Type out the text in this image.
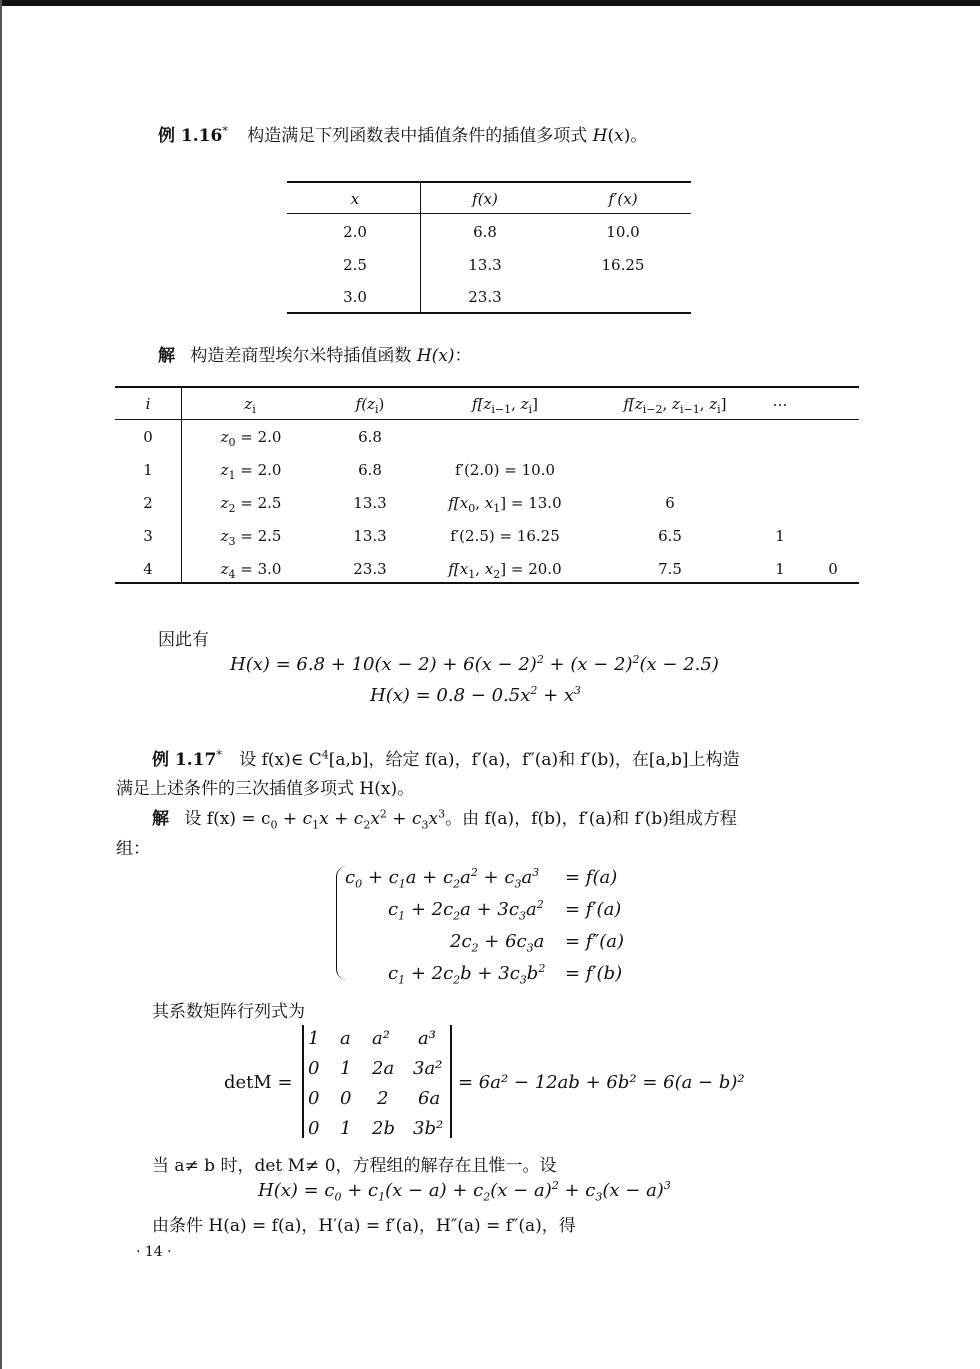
例 1.16* 构造满足下列函数表中插值条件的插值多项式 H(x)。
x	f(x)	f′(x)
2.0	6.8	10.0
2.5	13.3	16.25
3.0	23.3
解 构造差商型埃尔米特插值函数 H(x)：
i	$z_i$	$f(z_i)$	$f[z_{i-1}$, $z_i$]	$f[z_{i-2}$, $z_{i-1}$, $z_i$]	…
0	$z_0 = 2.0$	6.8
1	$z_1 = 2.0$	6.8	f′(2.0) = 10.0
2	$z_2 = 2.5$	13.3	$f[x_0$, $x_1] = 13.0$	6
3	$z_3 = 2.5$	13.3	f′(2.5) = 16.25	6.5	1
4	$z_4 = 3.0$	23.3	$f[x_1$, $x_2] = 20.0$	7.5	1	0
因此有
$H(x) = 6.8 + 10(x - 2) + 6(x - 2)^2 + (x - 2)^2(x - 2.5)$
$H(x) = 0.8 - 0.5x^2 + x^3$
例 1.17* 设 f(x)∈ $C^4[a,b]$，给定 f(a)，f′(a)，f″(a)和 f′(b)，在[a,b]上构造
满足上述条件的三次插值多项式 H(x)。
解 设 $f(x) = c_0 + c_1x + c_2x^2 + c_3x^3$。由 f(a)，f(b)，f′(a)和 f′(b)组成方程
组：
$c_0 + c_1a + c_2a^2 + c_3a^3 = f(a)$
$c_1 + 2c_2a + 3c_3a^2 = f'(a)$
$2c_2 + 6c_3a = f''(a)$
$c_1 + 2c_2b + 3c_3b^2 = f'(b)$
其系数矩阵行列式为
detM =
1 a a² a³
0 1 2a 3a²
0 0 2 6a
0 1 2b 3b²
= 6a² − 12ab + 6b² = 6(a − b)²
当 a≠ b 时，det M≠ 0，方程组的解存在且惟一。设
$H(x) = c_0 + c_1(x - a) + c_2(x - a)^2 + c_3(x - a)^3$
由条件 H(a) = f(a)，H′(a) = f′(a)，H″(a) = f″(a)，得
· 14 ·
